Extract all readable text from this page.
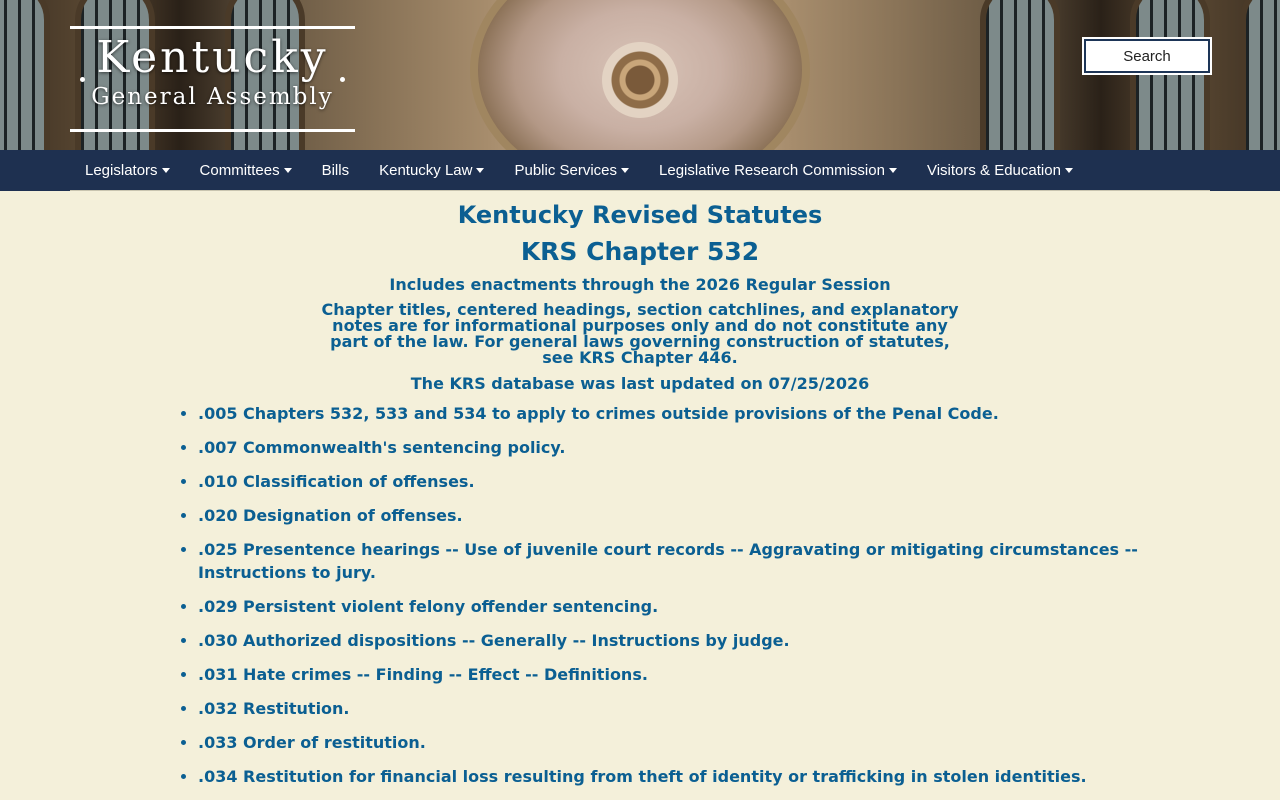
Kentucky
General Assembly
Search
Legislators	Committees	Bills Kentucky Law	Public Services	Legislative Research Commission	Visitors & Education
Kentucky Revised Statutes
KRS Chapter 532
Includes enactments through the 2026 Regular Session
Chapter titles, centered headings, section catchlines, and explanatory notes are for informational purposes only and do not constitute any part of the law. For general laws governing construction of statutes, see KRS Chapter 446.
The KRS database was last updated on 07/25/2026
• .005 Chapters 532, 533 and 534 to apply to crimes outside provisions of the Penal Code.
• .007 Commonwealth's sentencing policy.
• .010 Classification of offenses.
• .020 Designation of offenses.
• .025 Presentence hearings -- Use of juvenile court records -- Aggravating or mitigating circumstances -- Instructions to jury.
• .029 Persistent violent felony offender sentencing.
• .030 Authorized dispositions -- Generally -- Instructions by judge.
• .031 Hate crimes -- Finding -- Effect -- Definitions.
• .032 Restitution.
• .033 Order of restitution.
• .034 Restitution for financial loss resulting from theft of identity or trafficking in stolen identities.
